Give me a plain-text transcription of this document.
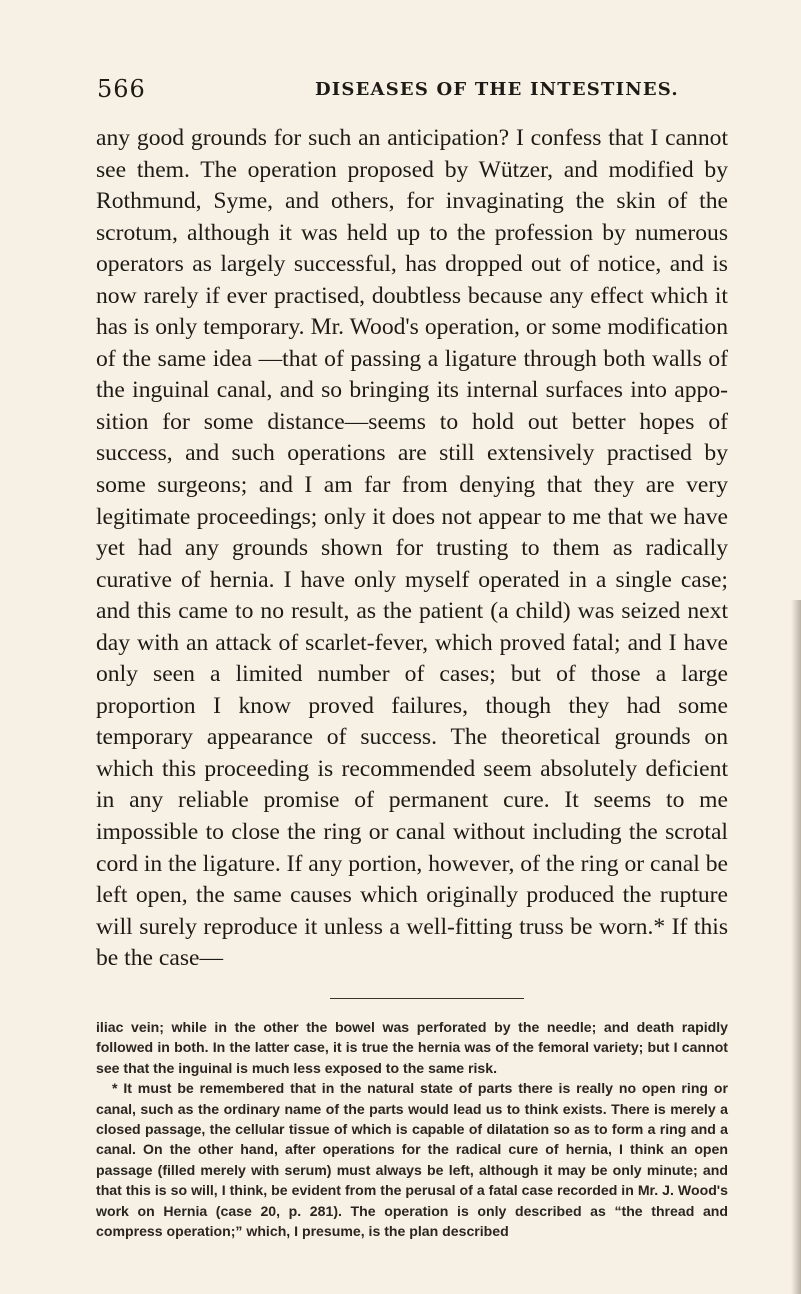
566	DISEASES OF THE INTESTINES.

any good grounds for such an anticipation? I confess that I cannot see them. The operation proposed by Wützer, and modified by Rothmund, Syme, and others, for invaginating the skin of the scrotum, although it was held up to the profession by numerous operators as largely successful, has dropped out of notice, and is now rarely if ever practised, doubtless because any effect which it has is only temporary. Mr. Wood's operation, or some modification of the same idea —that of passing a ligature through both walls of the inguinal canal, and so bringing its internal surfaces into apposition for some distance—seems to hold out better hopes of success, and such operations are still extensively practised by some surgeons; and I am far from denying that they are very legitimate proceedings; only it does not appear to me that we have yet had any grounds shown for trusting to them as radically curative of hernia. I have only myself operated in a single case; and this came to no result, as the patient (a child) was seized next day with an attack of scarlet-fever, which proved fatal; and I have only seen a limited number of cases; but of those a large proportion I know proved failures, though they had some temporary appearance of success. The theoretical grounds on which this proceeding is recommended seem absolutely deficient in any reliable promise of permanent cure. It seems to me impossible to close the ring or canal without including the scrotal cord in the ligature. If any portion, however, of the ring or canal be left open, the same causes which originally produced the rupture will surely reproduce it unless a well-fitting truss be worn.* If this be the case—

iliac vein; while in the other the bowel was perforated by the needle; and death rapidly followed in both. In the latter case, it is true the hernia was of the femoral variety; but I cannot see that the inguinal is much less exposed to the same risk.

* It must be remembered that in the natural state of parts there is really no open ring or canal, such as the ordinary name of the parts would lead us to think exists. There is merely a closed passage, the cellular tissue of which is capable of dilatation so as to form a ring and a canal. On the other hand, after operations for the radical cure of hernia, I think an open passage (filled merely with serum) must always be left, although it may be only minute; and that this is so will, I think, be evident from the perusal of a fatal case recorded in Mr. J. Wood's work on Hernia (case 20, p. 281). The operation is only described as “the thread and compress operation;” which, I presume, is the plan described
